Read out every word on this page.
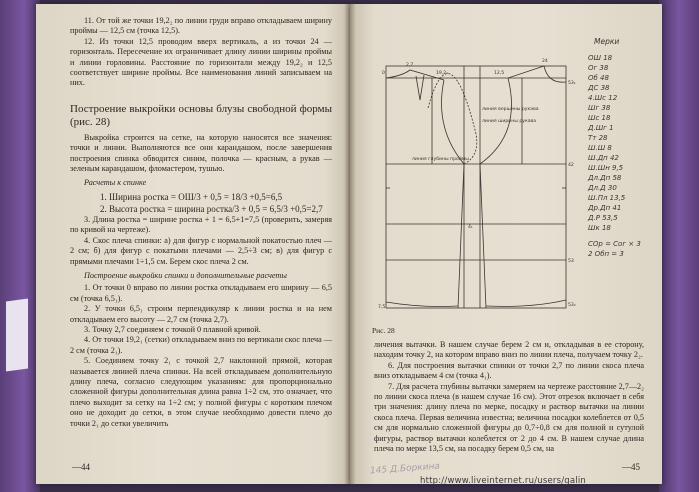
11. От той же точки 19,2₂ по линии груди вправо откладываем ширину проймы — 12,5 см (точка 12,5).

12. Из точки 12,5 проводим вверх вертикаль, а из точки 24 — горизонталь. Пересечение их ограничивает длину линии ширины проймы и линии горловины. Расстояние по горизонтали между 19,2₂ и 12,5 соответствует ширине проймы. Все наименования линий записываем на них.

Построение выкройки основы блузы свободной формы (рис. 28)

Выкройка строится на сетке, на которую наносятся все значения: точки и линии. Выполняются все они карандашом, после завершения построения спинка обводится синим, полочка — красным, а рукав — зеленым карандашом, фломастером, тушью.

Расчеты к спинке

1. Ширина ростка = ОШ/3 + 0,5 = 18/3 +0,5=6,5

2. Высота ростка = ширина ростка/3 + 0,5 = 6,5/3 +0,5=2,7

3. Длина ростка = ширине ростка + 1 = 6,5+1=7,5 (проверить, замеряя по кривой на чертеже).

4. Скос плеча спинки: а) для фигур с нормальной покатостью плеч — 2 см; б) для фигур с покатыми плечами — 2,5÷3 см; в) для фигур с прямыми плечами 1÷1,5 см. Берем скос плеча 2 см.

Построение выкройки спинки и дополнительные расчеты

1. От точки 0 вправо по линии ростка откладываем его ширину — 6,5 см (точка 6,5₁).

2. У точки 6,5₁ строим перпендикуляр к линии ростка и на нем откладываем его высоту — 2,7 см (точка 2,7).

3. Точку 2,7 соединяем с точкой 0 плавной кривой.

4. От точки 19,2₁ (сетки) откладываем вниз по вертикали скос плеча — 2 см (точка 2₁).

5. Соединяем точку 2₁ с точкой 2,7 наклонной прямой, которая называется линией плеча спинки. На всей откладываем дополнительную длину плеча, согласно следующим указаниям: для пропорционально сложенной фигуры дополнительная длина равна 1÷2 см, это означает, что плечо выходит за сетку на 1÷2 см; у полной фигуры с коротким плечом оно не доходит до сетки, в этом случае необходимо довести плечо до точки 2₁ до сетки увеличить

—44
0
2,7
19,2₁
24
53₁
12,5
42
53
53₂
7,5
4₁
линия глубины проймы
линия вершины рукава
линия ширины рукава
Мерки
ОШ 18
Ог 38
Об 48
ДС 38
4.Шс 12
Шг 38
Шс 18
Д.Шг 1
Тт 28
Ш.Ш 8
Ш.Дп 42
Ш.Шн 9,5
Дл.Дп 58
Дл.Д 30
Ш.Пл 13,5
Др.Дп 41
Д.Р 53,5
Шк 18
СОр = Сог × 3
2 Обп = 3
Рис. 28

личения вытачки. В нашем случае берем 2 см и, откладывая в ее сторону, находим точку 2, на котором вправо вниз по линии плеча, получаем точку 2₂.

6. Для построения вытачки спинки от точки 2,7 по линии скоса плеча вниз откладываем 4 см (точка 4₁).

7. Для расчета глубины вытачки замеряем на чертеже расстояние 2,7—2₂ по линии скоса плеча (в нашем случае 16 см). Этот отрезок включает в себя три значения: длину плеча по мерке, посадку и раствор вытачки на линии скоса плеча. Первая величина известна; величина посадки колеблется от 0,5 см для нормально сложенной фигуры до 0,7÷0,8 см для полной и сутулой фигуры, раствор вытачки колеблется от 2 до 4 см. В нашем случае длина плеча по мерке 13,5 см, на посадку берем 0,5 см, на

—45
145 Д.Боркина
http://www.liveinternet.ru/users/galin
